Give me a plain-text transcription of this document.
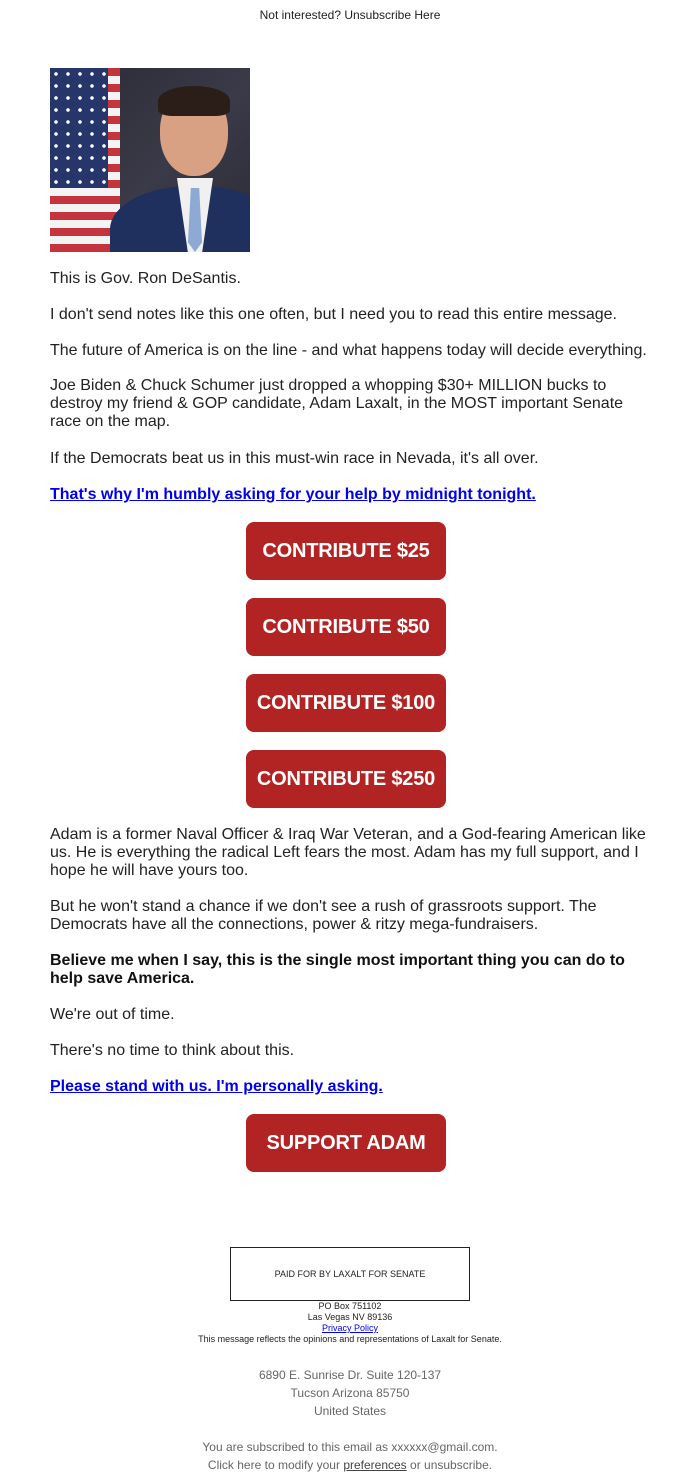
Not interested? Unsubscribe Here
This is Gov. Ron DeSantis.
I don't send notes like this one often, but I need you to read this entire message.
The future of America is on the line - and what happens today will decide everything.
Joe Biden & Chuck Schumer just dropped a whopping $30+ MILLION bucks to destroy my friend & GOP candidate, Adam Laxalt, in the MOST important Senate race on the map.
If the Democrats beat us in this must-win race in Nevada, it's all over.
That's why I'm humbly asking for your help by midnight tonight.
CONTRIBUTE $25
CONTRIBUTE $50
CONTRIBUTE $100
CONTRIBUTE $250
Adam is a former Naval Officer & Iraq War Veteran, and a God-fearing American like us. He is everything the radical Left fears the most. Adam has my full support, and I hope he will have yours too.
But he won't stand a chance if we don't see a rush of grassroots support. The Democrats have all the connections, power & ritzy mega-fundraisers.
Believe me when I say, this is the single most important thing you can do to help save America.
We're out of time.
There's no time to think about this.
Please stand with us. I'm personally asking.
SUPPORT ADAM
PAID FOR BY LAXALT FOR SENATE
PO Box 751102
Las Vegas NV 89136
Privacy Policy
This message reflects the opinions and representations of Laxalt for Senate.
6890 E. Sunrise Dr. Suite 120-137
Tucson Arizona 85750
United States
You are subscribed to this email as xxxxxx@gmail.com.
Click here to modify your preferences or unsubscribe.
